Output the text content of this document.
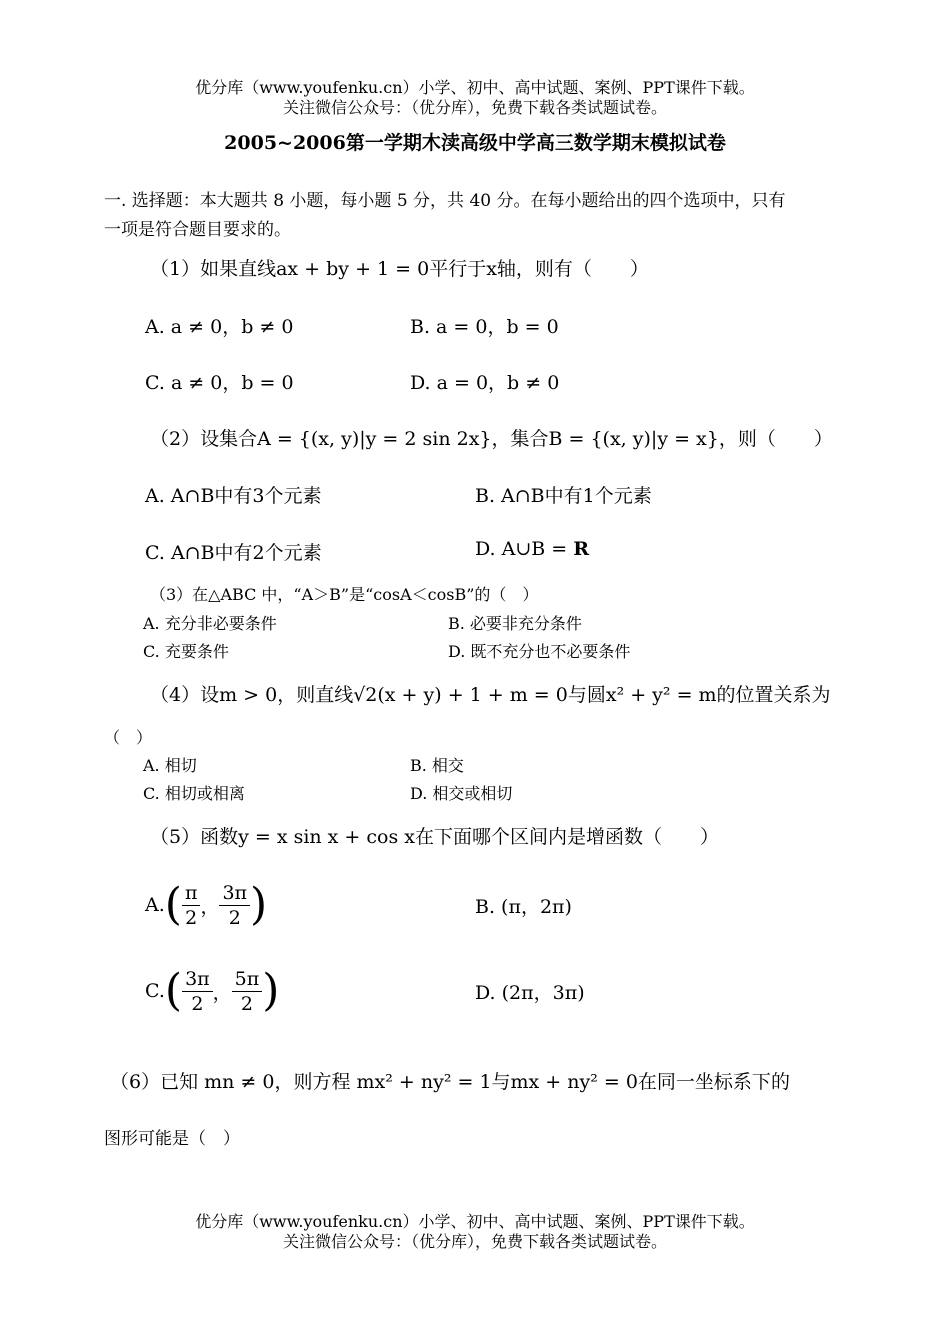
优分库（www.youfenku.cn）小学、初中、高中试题、案例、PPT课件下载。
关注微信公众号：（优分库），免费下载各类试题试卷。
2005~2006第一学期木渎高级中学高三数学期末模拟试卷
一. 选择题：本大题共 8 小题，每小题 5 分，共 40 分。在每小题给出的四个选项中，只有
一项是符合题目要求的。
（1）如果直线ax + by + 1 = 0平行于x轴，则有（　　）
A. a ≠ 0，b ≠ 0	B. a = 0，b = 0
C. a ≠ 0，b = 0	D. a = 0，b ≠ 0
（2）设集合A = {(x, y)|y = 2 sin 2x}，集合B = {(x, y)|y = x}，则（　　）
A. A∩B中有3个元素	B. A∩B中有1个元素
C. A∩B中有2个元素	D. A∪B = R
（3）在△ABC 中，“A＞B”是“cosA＜cosB”的（　）
A. 充分非必要条件	B. 必要非充分条件
C. 充要条件	D. 既不充分也不必要条件
（4）设m > 0，则直线√2(x + y) + 1 + m = 0与圆x² + y² = m的位置关系为
（　）
A. 相切	B. 相交
C. 相切或相离	D. 相交或相切
（5）函数y = x sin x + cos x在下面哪个区间内是增函数（　　）
A. ( $\frac{\pi}{2}$ ， $\frac{3\pi}{2}$ )	B. (π，2π)
C. ( $\frac{3\pi}{2}$ ， $\frac{5\pi}{2}$ )	D. (2π，3π)
（6）已知 mn ≠ 0，则方程 mx² + ny² = 1与mx + ny² = 0在同一坐标系下的
图形可能是（　）
优分库（www.youfenku.cn）小学、初中、高中试题、案例、PPT课件下载。
关注微信公众号：（优分库），免费下载各类试题试卷。
